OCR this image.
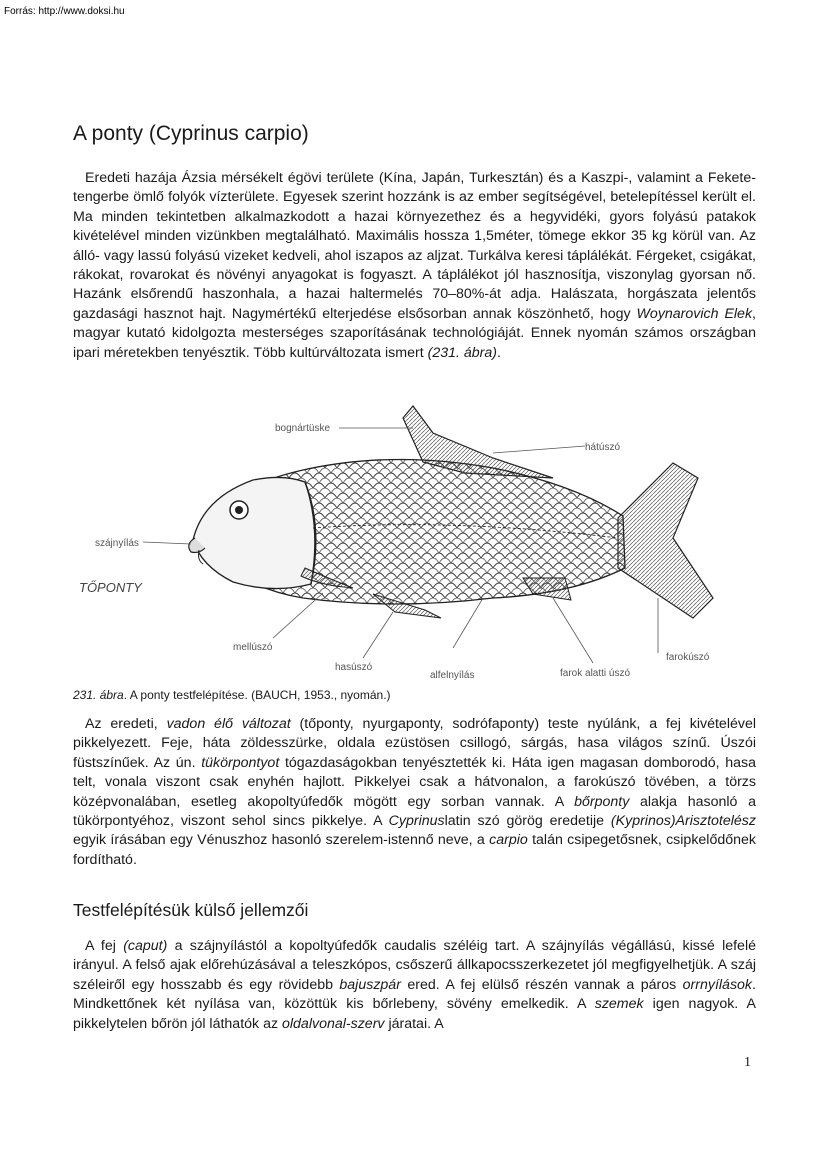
Forrás: http://www.doksi.hu
A ponty (Cyprinus carpio)

Eredeti hazája Ázsia mérsékelt égövi területe (Kína, Japán, Turkesztán) és a Kaszpi-, valamint a Fekete-tengerbe ömlő folyók vízterülete. Egyesek szerint hozzánk is az ember segítségével, betelepítéssel került el. Ma minden tekintetben alkalmazkodott a hazai környezethez és a hegyvidéki, gyors folyású patakok kivételével minden vizünkben megtalálható. Maximális hossza 1,5méter, tömege ekkor 35 kg körül van. Az álló- vagy lassú folyású vizeket kedveli, ahol iszapos az aljzat. Turkálva keresi táplálékát. Férgeket, csigákat, rákokat, rovarokat és növényi anyagokat is fogyaszt. A táplálékot jól hasznosítja, viszonylag gyorsan nő. Hazánk elsőrendű haszonhala, a hazai haltermelés 70–80%-át adja. Halászata, horgászata jelentős gazdasági hasznot hajt. Nagymértékű elterjedése elsősorban annak köszönhető, hogy Woynarovich Elek, magyar kutató kidolgozta mesterséges szaporításának technológiáját. Ennek nyomán számos országban ipari méretekben tenyésztik. Több kultúrváltozata ismert (231. ábra).

bognártüske
hátúszó
szájnyílás
TŐPONTY
mellúszó
hasúszó
alfelnyílás	farok alatti úszó
farokúszó
231. ábra. A ponty testfelépítése. (BAUCH, 1953., nyomán.)

Az eredeti, vadon élő változat (tőponty, nyurgaponty, sodrófaponty) teste nyúlánk, a fej kivételével pikkelyezett. Feje, háta zöldesszürke, oldala ezüstösen csillogó, sárgás, hasa világos színű. Úszói füstszínűek. Az ún. tükörpontyot tógazdaságokban tenyésztették ki. Háta igen magasan domborodó, hasa telt, vonala viszont csak enyhén hajlott. Pikkelyei csak a hátvonalon, a farokúszó tövében, a törzs középvonalában, esetleg akopoltyúfedők mögött egy sorban vannak. A bőrponty alakja hasonló a tükörpontyéhoz, viszont sehol sincs pikkelye. A Cyprinuslatin szó görög eredetije (Kyprinos)Arisztotelész egyik írásában egy Vénuszhoz hasonló szerelem-istennő neve, a carpio talán csipegetősnek, csipkelődőnek fordítható.

Testfelépítésük külső jellemzői

A fej (caput) a szájnyílástól a kopoltyúfedők caudalis széléig tart. A szájnyílás végállású, kissé lefelé irányul. A felső ajak előrehúzásával a teleszkópos, csőszerű állkapocsszerkezetet jól megfigyelhetjük. A száj széleiről egy hosszabb és egy rövidebb bajuszpár ered. A fej elülső részén vannak a páros orrnyílások. Mindkettőnek két nyílása van, közöttük kis bőrlebeny, sövény emelkedik. A szemek igen nagyok. A pikkelytelen bőrön jól láthatók az oldalvonal-szerv járatai. A

1
